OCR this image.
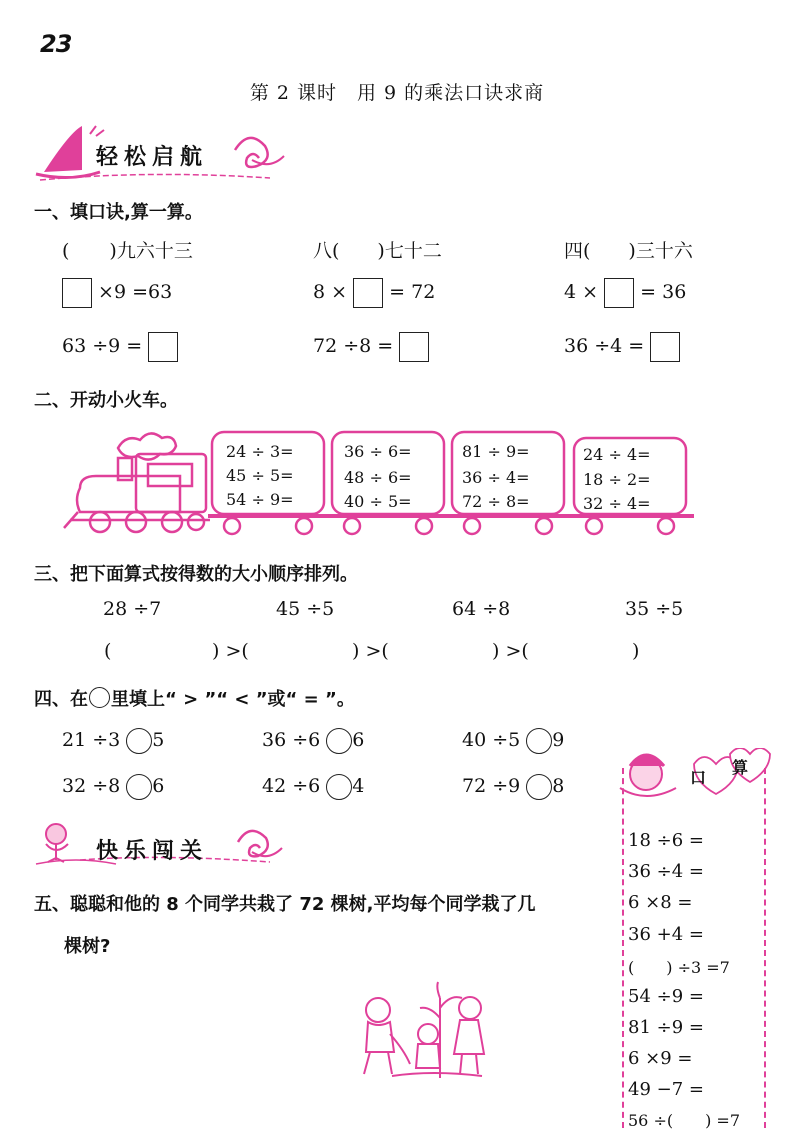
23
第 2 课时　用 9 的乘法口诀求商
轻松启航
一、填口诀,算一算。
( )九六十三	八( )七十二	四( )三十六
×9 =63	8 × = 72	4 × = 36
63 ÷9 =	72 ÷8 =	36 ÷4 =
二、开动小火车。
24 ÷ 3=
45 ÷ 5=
54 ÷ 9=
36 ÷ 6=
48 ÷ 6=
40 ÷ 5=
81 ÷ 9=
36 ÷ 4=
72 ÷ 8=
24 ÷ 4=
18 ÷ 2=
32 ÷ 4=
三、把下面算式按得数的大小顺序排列。
28 ÷7	45 ÷5	64 ÷8	35 ÷5
(	) >(	) >(	) >(	)
四、在 里填上“ > ”“ < ”或“ = ”。
21 ÷3 5	36 ÷6 6	40 ÷5 9
32 ÷8 6	42 ÷6 4	72 ÷9 8
快乐闯关
五、聪聪和他的 8 个同学共栽了 72 棵树,平均每个同学栽了几
棵树?
口
算
18 ÷6 =
36 ÷4 =
6 ×8 =
36 +4 =
(　　) ÷3 =7
54 ÷9 =
81 ÷9 =
6 ×9 =
49 −7 =
56 ÷(　　) =7
